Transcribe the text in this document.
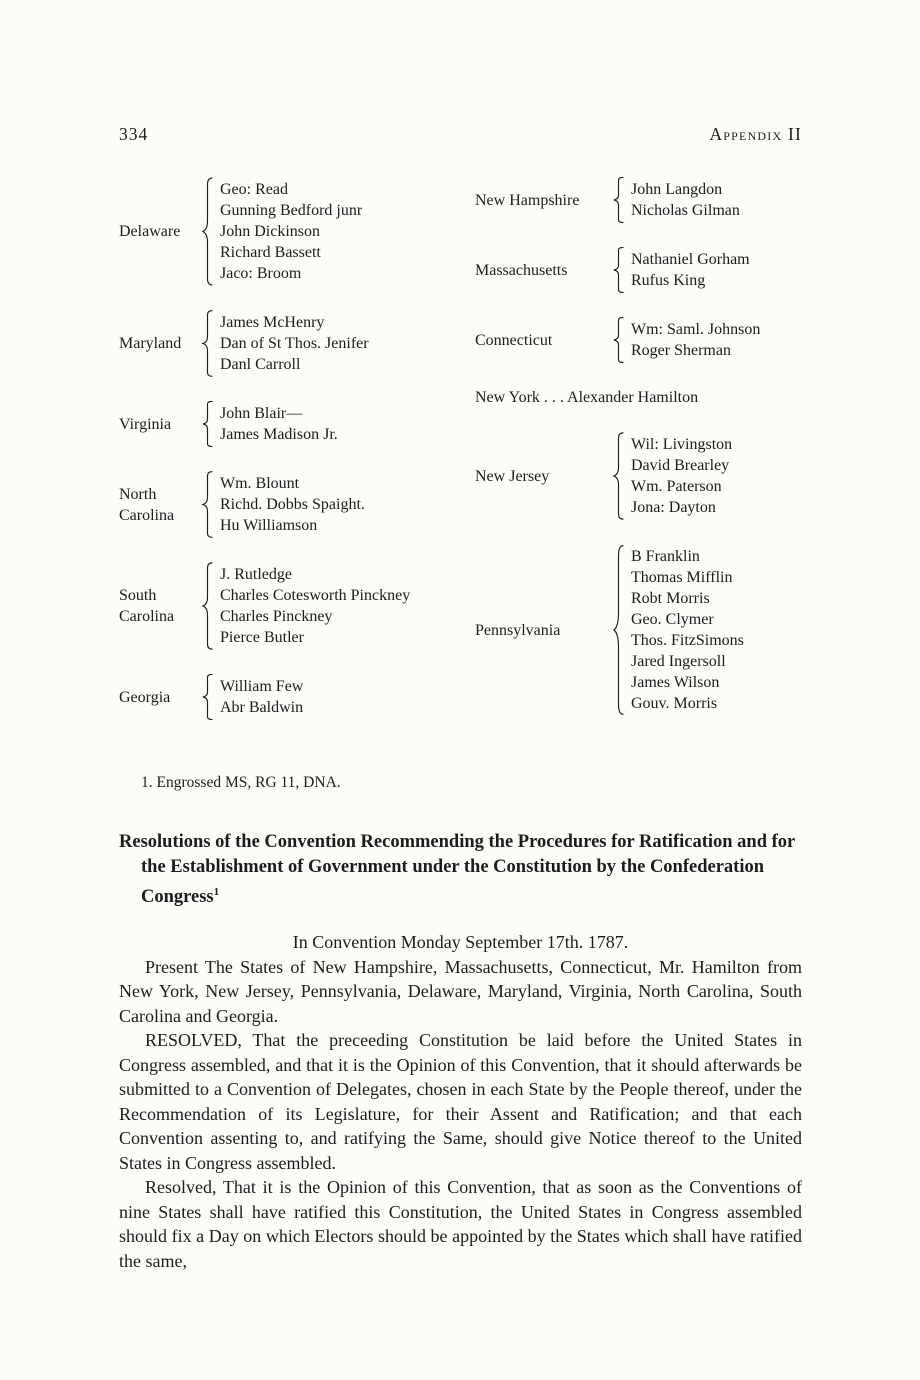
334	Appendix II
Delaware
Geo: Read
Gunning Bedford junr
John Dickinson
Richard Bassett
Jaco: Broom
Maryland
James McHenry
Dan of St Thos. Jenifer
Danl Carroll
Virginia
John Blair—
James Madison Jr.
North Carolina
Wm. Blount
Richd. Dobbs Spaight.
Hu Williamson
South Carolina
J. Rutledge
Charles Cotesworth Pinckney
Charles Pinckney
Pierce Butler
Georgia
William Few
Abr Baldwin
New Hampshire
John Langdon
Nicholas Gilman
Massachusetts
Nathaniel Gorham
Rufus King
Connecticut
Wm: Saml. Johnson
Roger Sherman
New York . . . Alexander Hamilton
New Jersey
Wil: Livingston
David Brearley
Wm. Paterson
Jona: Dayton
Pennsylvania
B Franklin
Thomas Mifflin
Robt Morris
Geo. Clymer
Thos. FitzSimons
Jared Ingersoll
James Wilson
Gouv. Morris
1. Engrossed MS, RG 11, DNA.
Resolutions of the Convention Recommending the Procedures for Ratification and for the Establishment of Government under the Constitution by the Confederation Congress$^1$

In Convention Monday September 17th. 1787.

Present The States of New Hampshire, Massachusetts, Connecticut, Mr. Hamilton from New York, New Jersey, Pennsylvania, Delaware, Maryland, Virginia, North Carolina, South Carolina and Georgia.

RESOLVED, That the preceeding Constitution be laid before the United States in Congress assembled, and that it is the Opinion of this Convention, that it should afterwards be submitted to a Convention of Delegates, chosen in each State by the People thereof, under the Recommendation of its Legislature, for their Assent and Ratification; and that each Convention assenting to, and ratifying the Same, should give Notice thereof to the United States in Congress assembled.

Resolved, That it is the Opinion of this Convention, that as soon as the Conventions of nine States shall have ratified this Constitution, the United States in Congress assembled should fix a Day on which Electors should be appointed by the States which shall have ratified the same,
